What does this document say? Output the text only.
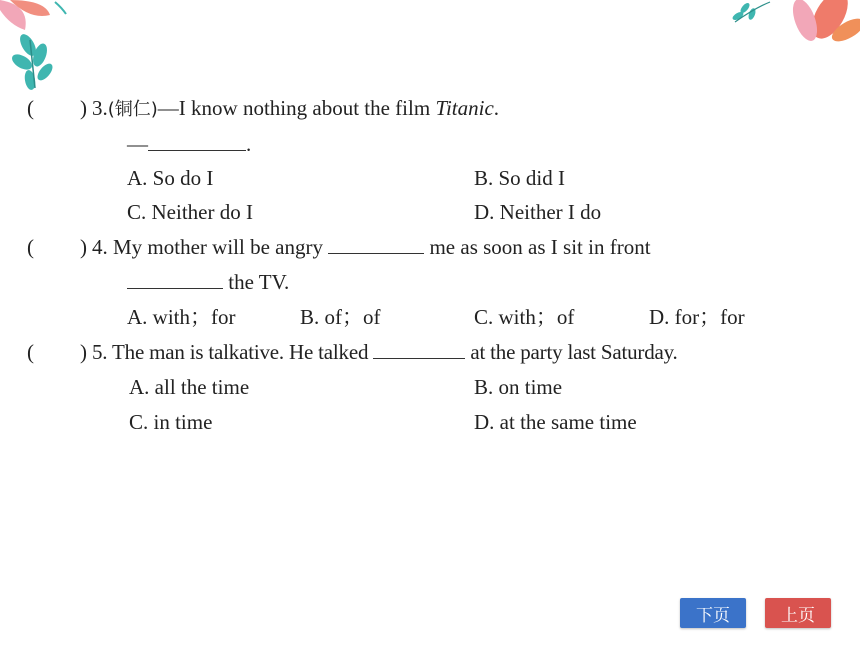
( ) 3.(铜仁)—I know nothing about the film Titanic.
—	.
A. So do I	B. So did I
C. Neither do I	D. Neither I do
( ) 4. My mother will be angry	me as soon as I sit in front
the TV.
A. with；for	B. of；of	C. with；of	D. for；for
( ) 5. The man is talkative. He talked	at the party last Saturday.
A. all the time	B. on time
C. in time	D. at the same time
下页	上页
